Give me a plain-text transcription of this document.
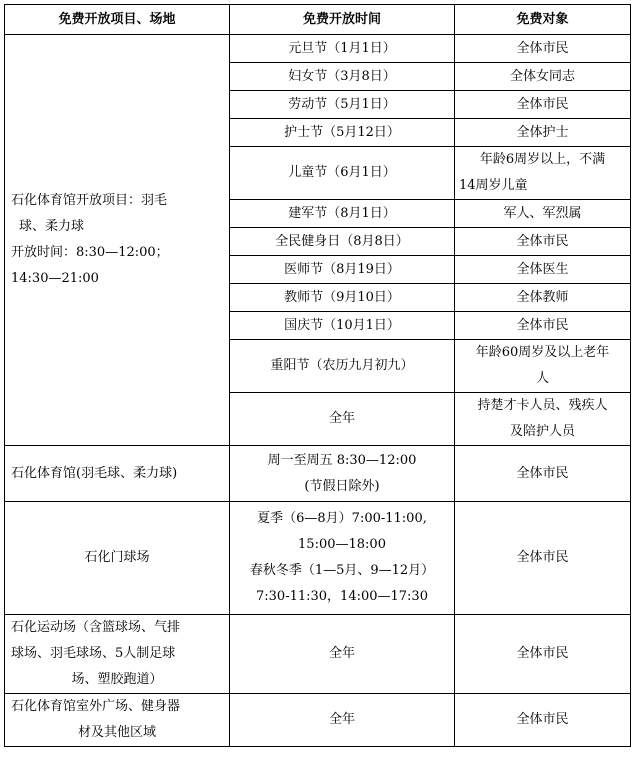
免费开放项目、场地	免费开放时间	免费对象

石化体育馆开放项目：羽毛
球、柔力球
开放时间：8:30—12:00；
14:30—21:00	元旦节（1月1日）	全体市民
	妇女节（3月8日）	全体女同志
	劳动节（5月1日）	全体市民
	护士节（5月12日）	全体护士
	儿童节（6月1日）	年龄6周岁以上，不满
14周岁儿童

	建军节（8月1日）	军人、军烈属
	全民健身日（8月8日）	全体市民
	医师节（8月19日）	全体医生
	教师节（9月10日）	全体教师
	国庆节（10月1日）	全体市民
	重阳节（农历九月初九）	年龄60周岁及以上老年
人

	全年	持楚才卡人员、残疾人
及陪护人员

石化体育馆(羽毛球、柔力球)	周一至周五 8:30—12:00
(节假日除外)	全体市民
石化门球场	夏季（6—8月）7:00-11:00,
15:00—18:00
春秋冬季（1—5月、9—12月）
7:30-11:30，14:00—17:30	全体市民

石化运动场（含篮球场、气排
球场、羽毛球场、5人制足球
场、塑胶跑道）	全年	全体市民

石化体育馆室外广场、健身器
材及其他区域	全年	全体市民
